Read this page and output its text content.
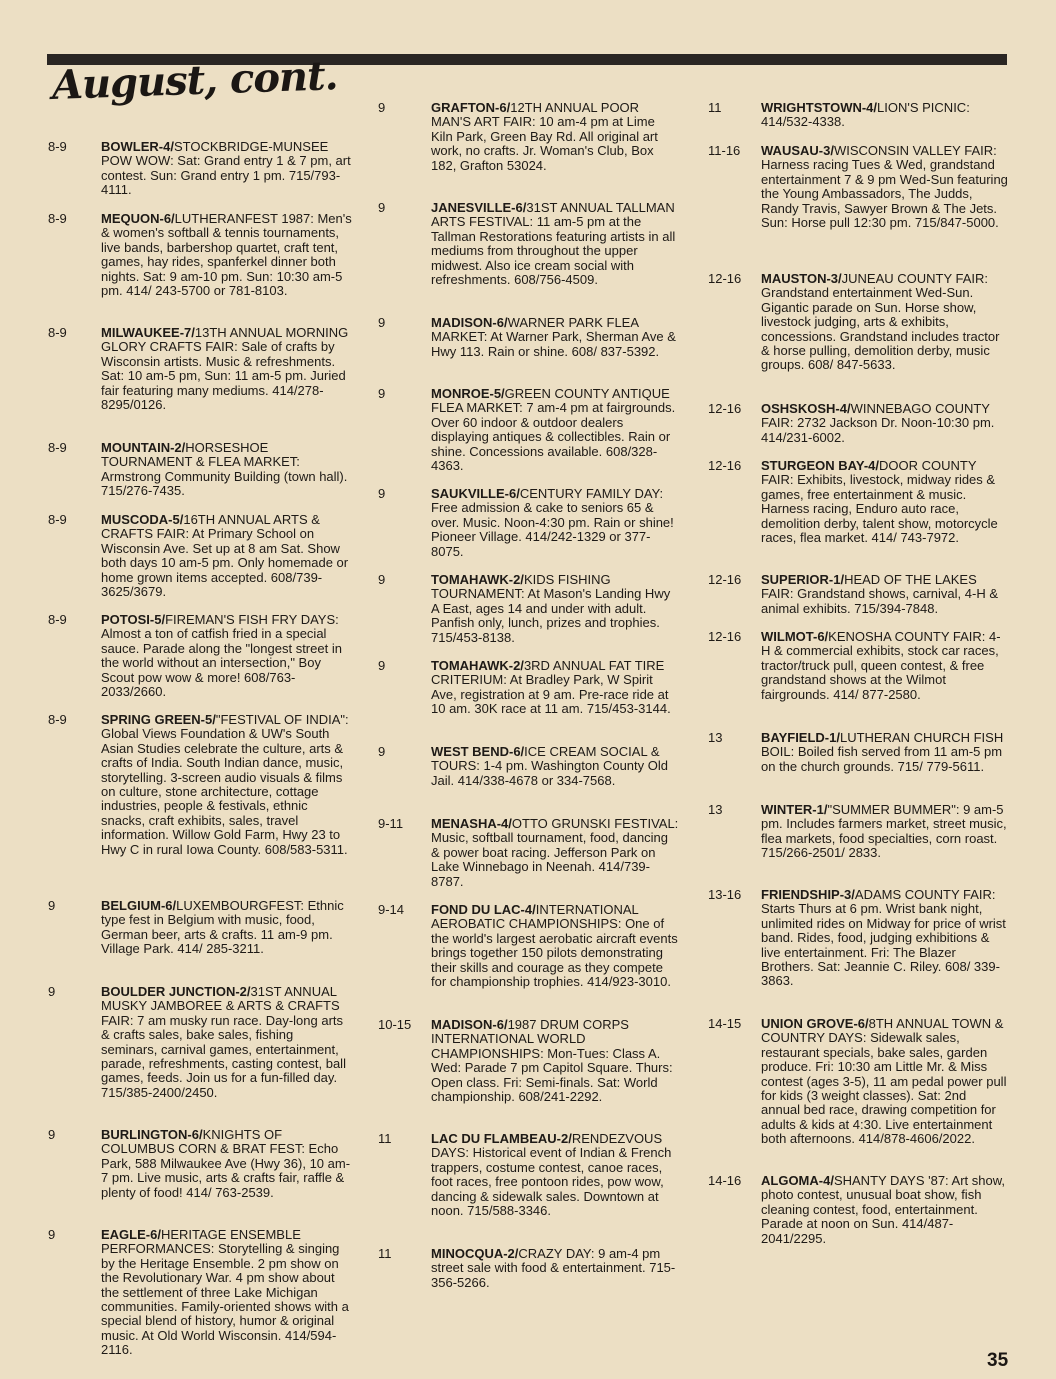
August, cont.
8-9	BOWLER-4/STOCKBRIDGE-MUNSEE POW WOW: Sat: Grand entry 1 & 7 pm, art contest. Sun: Grand entry 1 pm. 715/793-4111.
8-9	MEQUON-6/LUTHERANFEST 1987: Men's & women's softball & tennis tournaments, live bands, barbershop quartet, craft tent, games, hay rides, spanferkel dinner both nights. Sat: 9 am-10 pm. Sun: 10:30 am-5 pm. 414/ 243-5700 or 781-8103.
8-9	MILWAUKEE-7/13TH ANNUAL MORNING GLORY CRAFTS FAIR: Sale of crafts by Wisconsin artists. Music & refreshments. Sat: 10 am-5 pm, Sun: 11 am-5 pm. Juried fair featuring many mediums. 414/278-8295/0126.
8-9	MOUNTAIN-2/HORSESHOE TOURNAMENT & FLEA MARKET: Armstrong Community Building (town hall). 715/276-7435.
8-9	MUSCODA-5/16TH ANNUAL ARTS & CRAFTS FAIR: At Primary School on Wisconsin Ave. Set up at 8 am Sat. Show both days 10 am-5 pm. Only homemade or home grown items accepted. 608/739-3625/3679.
8-9	POTOSI-5/FIREMAN'S FISH FRY DAYS: Almost a ton of catfish fried in a special sauce. Parade along the "longest street in the world without an intersection," Boy Scout pow wow & more! 608/763-2033/2660.
8-9	SPRING GREEN-5/"FESTIVAL OF INDIA": Global Views Foundation & UW's South Asian Studies celebrate the culture, arts & crafts of India. South Indian dance, music, storytelling. 3-screen audio visuals & films on culture, stone architecture, cottage industries, people & festivals, ethnic snacks, craft exhibits, sales, travel information. Willow Gold Farm, Hwy 23 to Hwy C in rural Iowa County. 608/583-5311.
9	BELGIUM-6/LUXEMBOURGFEST: Ethnic type fest in Belgium with music, food, German beer, arts & crafts. 11 am-9 pm. Village Park. 414/ 285-3211.
9	BOULDER JUNCTION-2/31ST ANNUAL MUSKY JAMBOREE & ARTS & CRAFTS FAIR: 7 am musky run race. Day-long arts & crafts sales, bake sales, fishing seminars, carnival games, entertainment, parade, refreshments, casting contest, ball games, feeds. Join us for a fun-filled day. 715/385-2400/2450.
9	BURLINGTON-6/KNIGHTS OF COLUMBUS CORN & BRAT FEST: Echo Park, 588 Milwaukee Ave (Hwy 36), 10 am-7 pm. Live music, arts & crafts fair, raffle & plenty of food! 414/ 763-2539.
9	EAGLE-6/HERITAGE ENSEMBLE PERFORMANCES: Storytelling & singing by the Heritage Ensemble. 2 pm show on the Revolutionary War. 4 pm show about the settlement of three Lake Michigan communities. Family-oriented shows with a special blend of history, humor & original music. At Old World Wisconsin. 414/594-2116.
9	GRAFTON-6/12TH ANNUAL POOR MAN'S ART FAIR: 10 am-4 pm at Lime Kiln Park, Green Bay Rd. All original art work, no crafts. Jr. Woman's Club, Box 182, Grafton 53024.
9	JANESVILLE-6/31ST ANNUAL TALLMAN ARTS FESTIVAL: 11 am-5 pm at the Tallman Restorations featuring artists in all mediums from throughout the upper midwest. Also ice cream social with refreshments. 608/756-4509.
9	MADISON-6/WARNER PARK FLEA MARKET: At Warner Park, Sherman Ave & Hwy 113. Rain or shine. 608/ 837-5392.
9	MONROE-5/GREEN COUNTY ANTIQUE FLEA MARKET: 7 am-4 pm at fairgrounds. Over 60 indoor & outdoor dealers displaying antiques & collectibles. Rain or shine. Concessions available. 608/328-4363.
9	SAUKVILLE-6/CENTURY FAMILY DAY: Free admission & cake to seniors 65 & over. Music. Noon-4:30 pm. Rain or shine! Pioneer Village. 414/242-1329 or 377-8075.
9	TOMAHAWK-2/KIDS FISHING TOURNAMENT: At Mason's Landing Hwy A East, ages 14 and under with adult. Panfish only, lunch, prizes and trophies. 715/453-8138.
9	TOMAHAWK-2/3RD ANNUAL FAT TIRE CRITERIUM: At Bradley Park, W Spirit Ave, registration at 9 am. Pre-race ride at 10 am. 30K race at 11 am. 715/453-3144.
9	WEST BEND-6/ICE CREAM SOCIAL & TOURS: 1-4 pm. Washington County Old Jail. 414/338-4678 or 334-7568.
9-11 MENASHA-4/OTTO GRUNSKI FESTIVAL: Music, softball tournament, food, dancing & power boat racing. Jefferson Park on Lake Winnebago in Neenah. 414/739-8787.
9-14 FOND DU LAC-4/INTERNATIONAL AEROBATIC CHAMPIONSHIPS: One of the world's largest aerobatic aircraft events brings together 150 pilots demonstrating their skills and courage as they compete for championship trophies. 414/923-3010.
10-15 MADISON-6/1987 DRUM CORPS INTERNATIONAL WORLD CHAMPIONSHIPS: Mon-Tues: Class A. Wed: Parade 7 pm Capitol Square. Thurs: Open class. Fri: Semi-finals. Sat: World championship. 608/241-2292.
11	LAC DU FLAMBEAU-2/RENDEZVOUS DAYS: Historical event of Indian & French trappers, costume contest, canoe races, foot races, free pontoon rides, pow wow, dancing & sidewalk sales. Downtown at noon. 715/588-3346.
11	MINOCQUA-2/CRAZY DAY: 9 am-4 pm street sale with food & entertainment. 715-356-5266.
11	WRIGHTSTOWN-4/LION'S PICNIC: 414/532-4338.
11-16 WAUSAU-3/WISCONSIN VALLEY FAIR: Harness racing Tues & Wed, grandstand entertainment 7 & 9 pm Wed-Sun featuring the Young Ambassadors, The Judds, Randy Travis, Sawyer Brown & The Jets. Sun: Horse pull 12:30 pm. 715/847-5000.
12-16 MAUSTON-3/JUNEAU COUNTY FAIR: Grandstand entertainment Wed-Sun. Gigantic parade on Sun. Horse show, livestock judging, arts & exhibits, concessions. Grandstand includes tractor & horse pulling, demolition derby, music groups. 608/ 847-5633.
12-16 OSHSKOSH-4/WINNEBAGO COUNTY FAIR: 2732 Jackson Dr. Noon-10:30 pm. 414/231-6002.
12-16 STURGEON BAY-4/DOOR COUNTY FAIR: Exhibits, livestock, midway rides & games, free entertainment & music. Harness racing, Enduro auto race, demolition derby, talent show, motorcycle races, flea market. 414/ 743-7972.
12-16 SUPERIOR-1/HEAD OF THE LAKES FAIR: Grandstand shows, carnival, 4-H & animal exhibits. 715/394-7848.
12-16 WILMOT-6/KENOSHA COUNTY FAIR: 4-H & commercial exhibits, stock car races, tractor/truck pull, queen contest, & free grandstand shows at the Wilmot fairgrounds. 414/ 877-2580.
13	BAYFIELD-1/LUTHERAN CHURCH FISH BOIL: Boiled fish served from 11 am-5 pm on the church grounds. 715/ 779-5611.
13	WINTER-1/"SUMMER BUMMER": 9 am-5 pm. Includes farmers market, street music, flea markets, food specialties, corn roast. 715/266-2501/ 2833.
13-16 FRIENDSHIP-3/ADAMS COUNTY FAIR: Starts Thurs at 6 pm. Wrist bank night, unlimited rides on Midway for price of wrist band. Rides, food, judging exhibitions & live entertainment. Fri: The Blazer Brothers. Sat: Jeannie C. Riley. 608/ 339-3863.
14-15 UNION GROVE-6/8TH ANNUAL TOWN & COUNTRY DAYS: Sidewalk sales, restaurant specials, bake sales, garden produce. Fri: 10:30 am Little Mr. & Miss contest (ages 3-5), 11 am pedal power pull for kids (3 weight classes). Sat: 2nd annual bed race, drawing competition for adults & kids at 4:30. Live entertainment both afternoons. 414/878-4606/2022.
14-16 ALGOMA-4/SHANTY DAYS '87: Art show, photo contest, unusual boat show, fish cleaning contest, food, entertainment. Parade at noon on Sun. 414/487-2041/2295.
35
